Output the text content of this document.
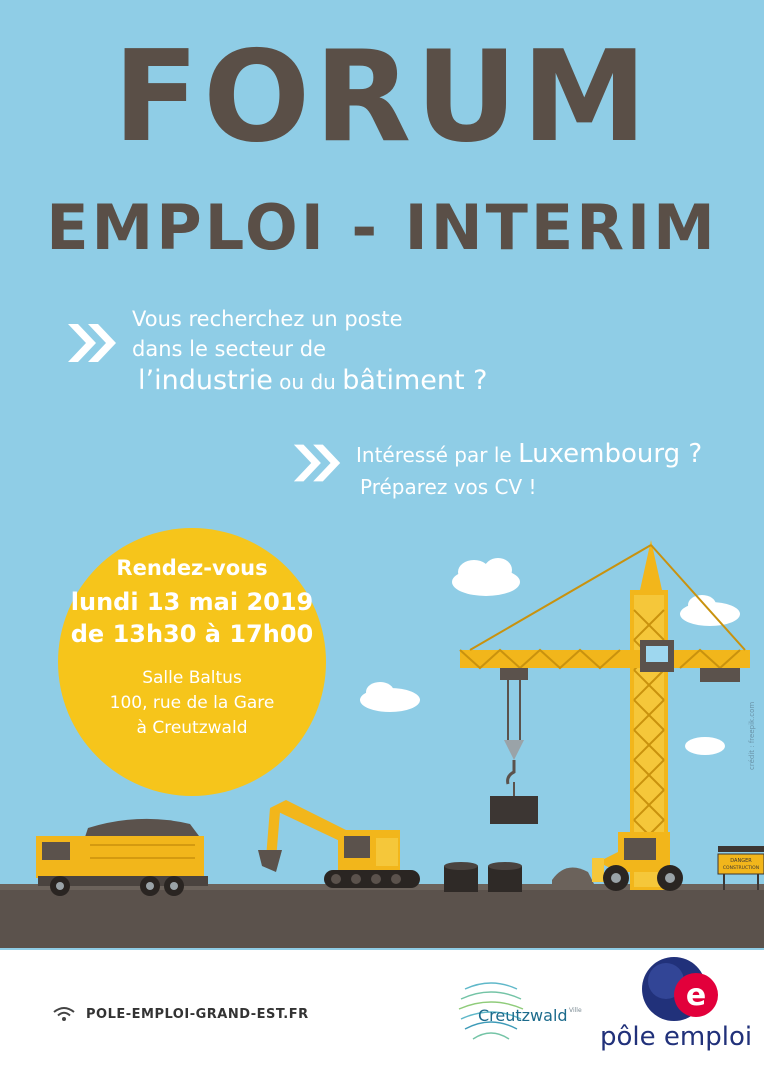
FORUM
EMPLOI - INTERIM
Vous recherchez un poste
dans le secteur de
l’industrie ou du bâtiment ?
Intéressé par le Luxembourg ?
Préparez vos CV !
DANGER
CONSTRUCTION
Rendez-vous
lundi 13 mai 2019
de 13h30 à 17h00
Salle Baltus
100, rue de la Gare
à Creutzwald	crédit : freepik.com
POLE-EMPLOI-GRAND-EST.FR	Creutzwald Ville	e
pôle emploi
